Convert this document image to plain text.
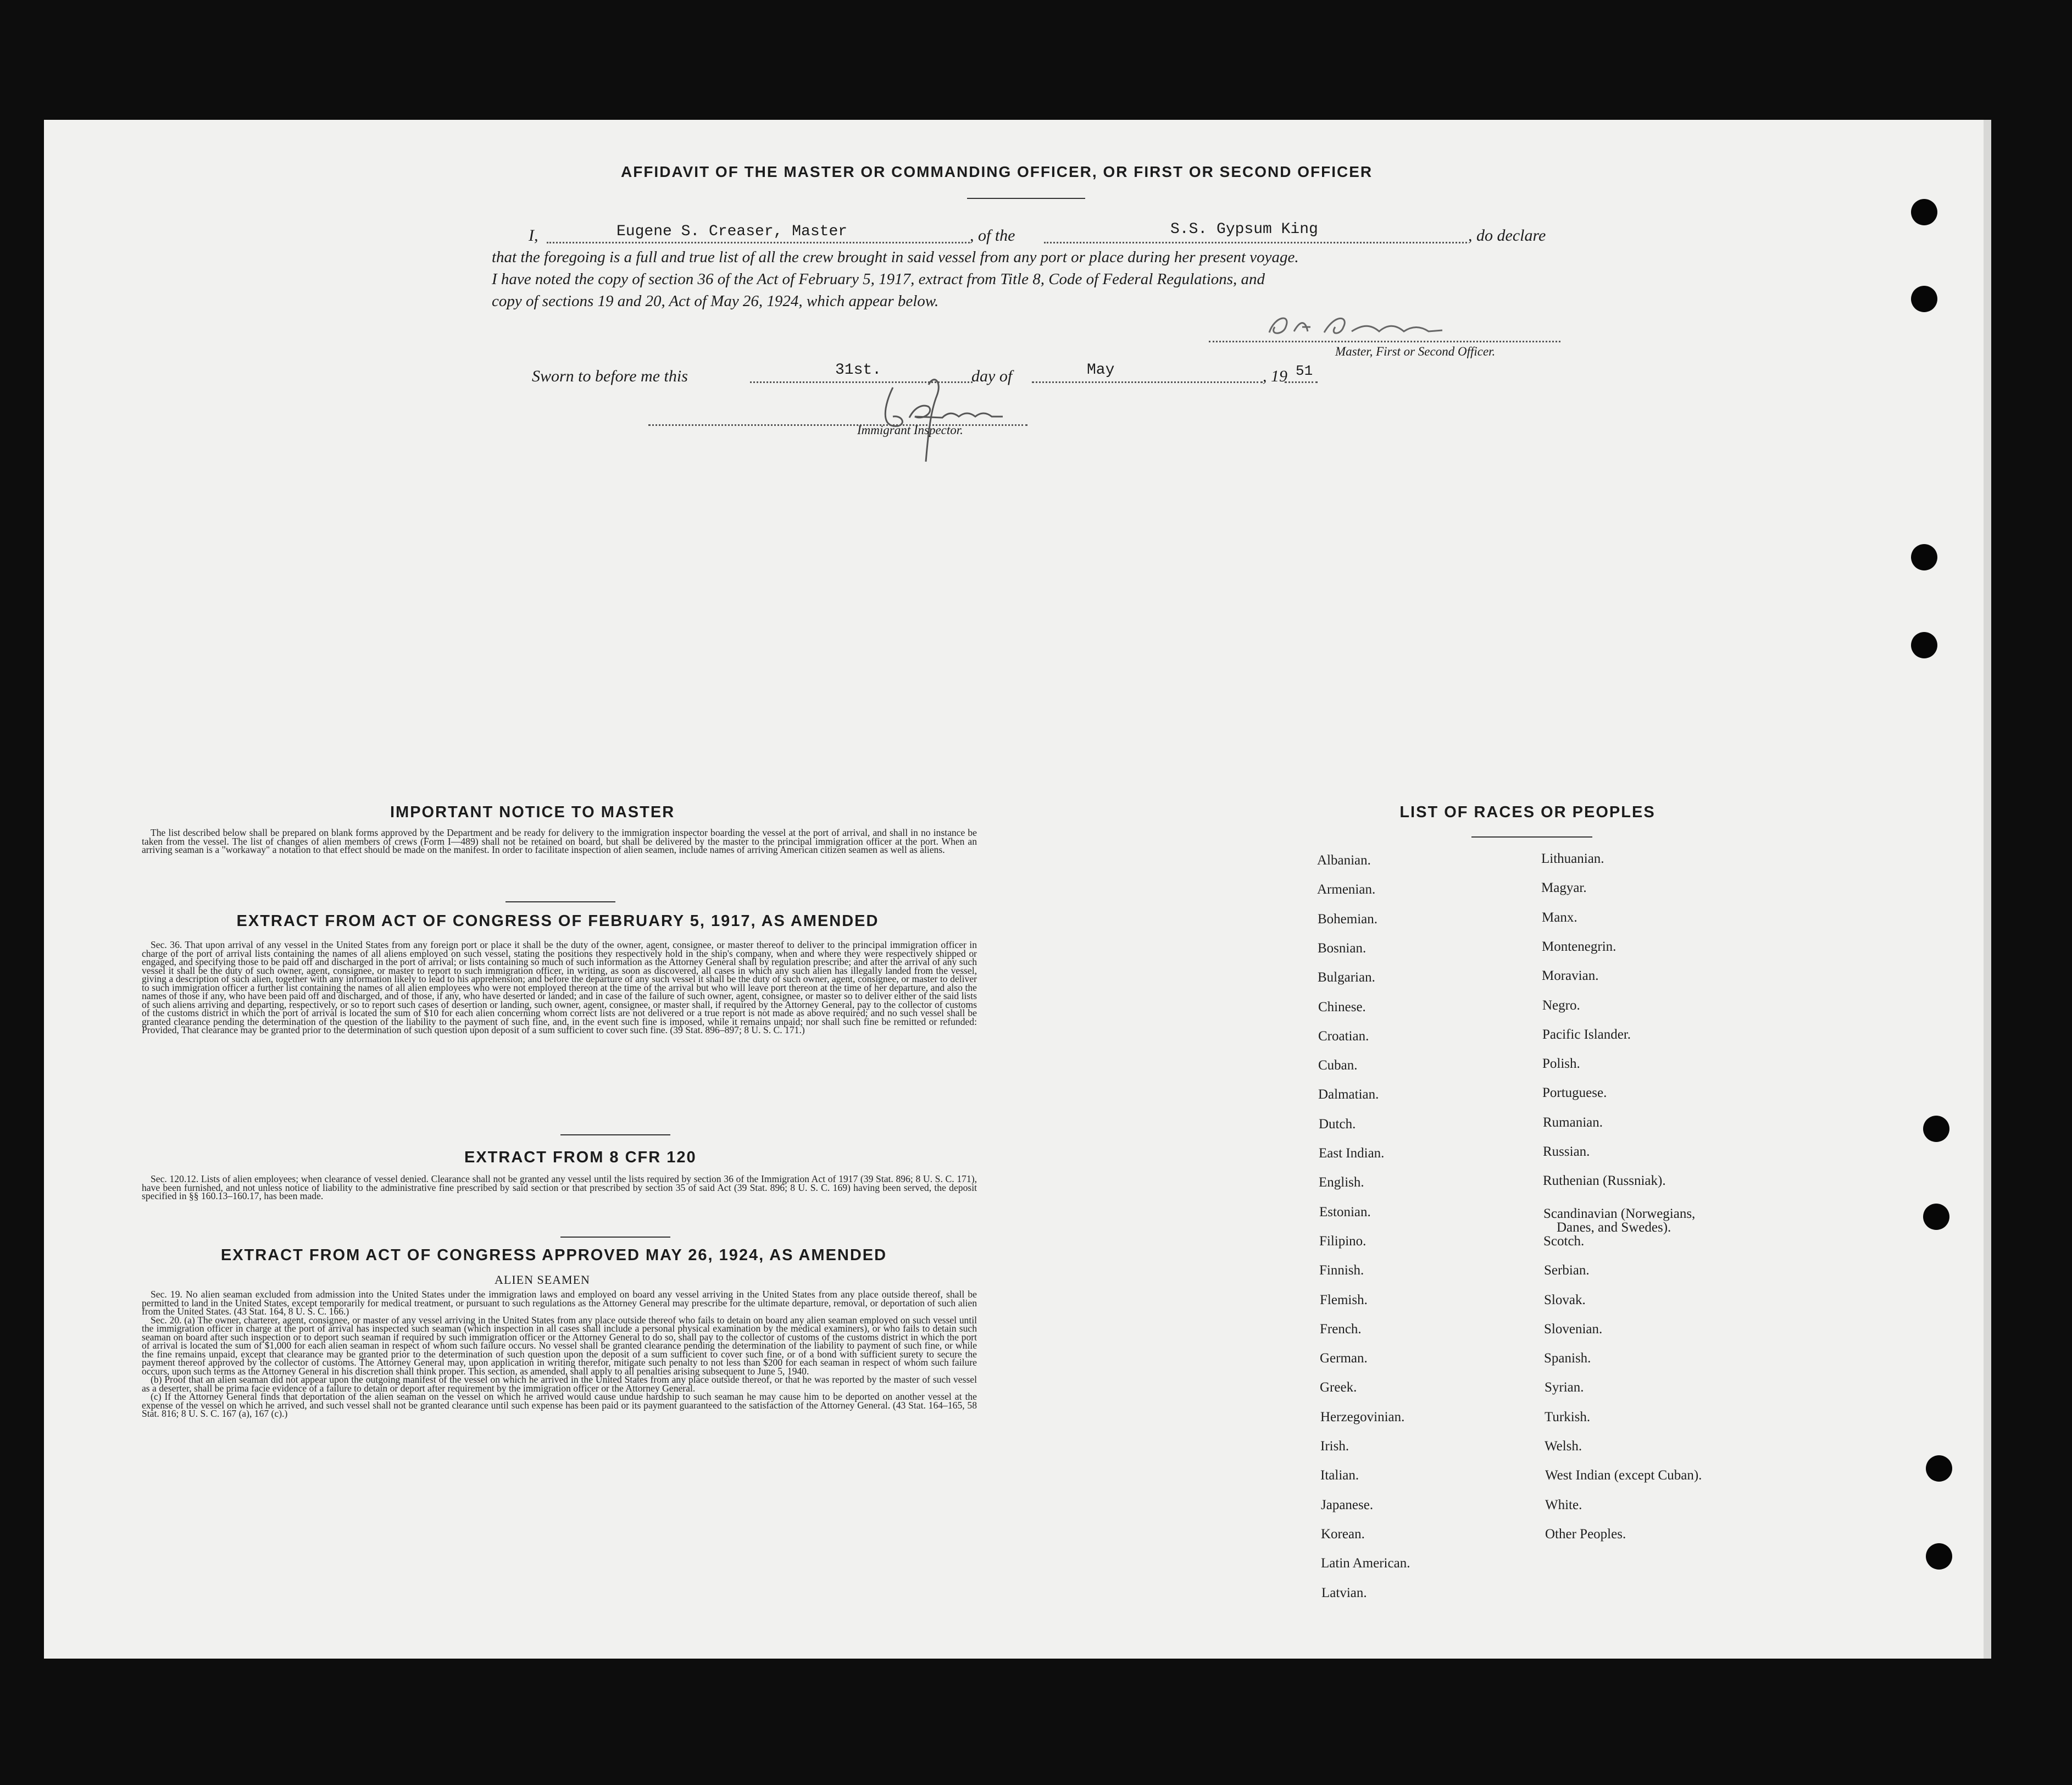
AFFIDAVIT OF THE MASTER OR COMMANDING OFFICER, OR FIRST OR SECOND OFFICER
I,	Eugene S. Creaser, Master	, of the	S.S. Gypsum King	, do declare
that the foregoing is a full and true list of all the crew brought in said vessel from any port or place during her present voyage.
I have noted the copy of section 36 of the Act of February 5, 1917, extract from Title 8, Code of Federal Regulations, and
copy of sections 19 and 20, Act of May 26, 1924, which appear below.
Master, First or Second Officer.
Sworn to before me this	31st.	day of	May	, 19 51
Immigrant Inspector.
IMPORTANT NOTICE TO MASTER

The list described below shall be prepared on blank forms approved by the Department and be ready for delivery to the immigration inspector boarding the vessel at the port of arrival, and shall in no instance be taken from the vessel. The list of changes of alien members of crews (Form I—489) shall not be retained on board, but shall be delivered by the master to the principal immigration officer at the port. When an arriving seaman is a "workaway" a notation to that effect should be made on the manifest. In order to facilitate inspection of alien seamen, include names of arriving American citizen seamen as well as aliens.

EXTRACT FROM ACT OF CONGRESS OF FEBRUARY 5, 1917, AS AMENDED

Sec. 36. That upon arrival of any vessel in the United States from any foreign port or place it shall be the duty of the owner, agent, consignee, or master thereof to deliver to the principal immigration officer in charge of the port of arrival lists containing the names of all aliens employed on such vessel, stating the positions they respectively hold in the ship's company, when and where they were respectively shipped or engaged, and specifying those to be paid off and discharged in the port of arrival; or lists containing so much of such information as the Attorney General shall by regulation prescribe; and after the arrival of any such vessel it shall be the duty of such owner, agent, consignee, or master to report to such immigration officer, in writing, as soon as discovered, all cases in which any such alien has illegally landed from the vessel, giving a description of such alien, together with any information likely to lead to his apprehension; and before the departure of any such vessel it shall be the duty of such owner, agent, consignee, or master to deliver to such immigration officer a further list containing the names of all alien employees who were not employed thereon at the time of the arrival but who will leave port thereon at the time of her departure, and also the names of those if any, who have been paid off and discharged, and of those, if any, who have deserted or landed; and in case of the failure of such owner, agent, consignee, or master so to deliver either of the said lists of such aliens arriving and departing, respectively, or so to report such cases of desertion or landing, such owner, agent, consignee, or master shall, if required by the Attorney General, pay to the collector of customs of the customs district in which the port of arrival is located the sum of $10 for each alien concerning whom correct lists are not delivered or a true report is not made as above required; and no such vessel shall be granted clearance pending the determination of the question of the liability to the payment of such fine, and, in the event such fine is imposed, while it remains unpaid; nor shall such fine be remitted or refunded: Provided, That clearance may be granted prior to the determination of such question upon deposit of a sum sufficient to cover such fine. (39 Stat. 896–897; 8 U. S. C. 171.)

EXTRACT FROM 8 CFR 120

Sec. 120.12. Lists of alien employees; when clearance of vessel denied. Clearance shall not be granted any vessel until the lists required by section 36 of the Immigration Act of 1917 (39 Stat. 896; 8 U. S. C. 171), have been furnished, and not unless notice of liability to the administrative fine prescribed by said section or that prescribed by section 35 of said Act (39 Stat. 896; 8 U. S. C. 169) having been served, the deposit specified in §§ 160.13–160.17, has been made.

EXTRACT FROM ACT OF CONGRESS APPROVED MAY 26, 1924, AS AMENDED
ALIEN SEAMEN

Sec. 19. No alien seaman excluded from admission into the United States under the immigration laws and employed on board any vessel arriving in the United States from any place outside thereof, shall be permitted to land in the United States, except temporarily for medical treatment, or pursuant to such regulations as the Attorney General may prescribe for the ultimate departure, removal, or deportation of such alien from the United States. (43 Stat. 164, 8 U. S. C. 166.)

Sec. 20. (a) The owner, charterer, agent, consignee, or master of any vessel arriving in the United States from any place outside thereof who fails to detain on board any alien seaman employed on such vessel until the immigration officer in charge at the port of arrival has inspected such seaman (which inspection in all cases shall include a personal physical examination by the medical examiners), or who fails to detain such seaman on board after such inspection or to deport such seaman if required by such immigration officer or the Attorney General to do so, shall pay to the collector of customs of the customs district in which the port of arrival is located the sum of $1,000 for each alien seaman in respect of whom such failure occurs. No vessel shall be granted clearance pending the determination of the liability to payment of such fine, or while the fine remains unpaid, except that clearance may be granted prior to the determination of such question upon the deposit of a sum sufficient to cover such fine, or of a bond with sufficient surety to secure the payment thereof approved by the collector of customs. The Attorney General may, upon application in writing therefor, mitigate such penalty to not less than $200 for each seaman in respect of whom such failure occurs, upon such terms as the Attorney General in his discretion shall think proper. This section, as amended, shall apply to all penalties arising subsequent to June 5, 1940.

(b) Proof that an alien seaman did not appear upon the outgoing manifest of the vessel on which he arrived in the United States from any place outside thereof, or that he was reported by the master of such vessel as a deserter, shall be prima facie evidence of a failure to detain or deport after requirement by the immigration officer or the Attorney General.

(c) If the Attorney General finds that deportation of the alien seaman on the vessel on which he arrived would cause undue hardship to such seaman he may cause him to be deported on another vessel at the expense of the vessel on which he arrived, and such vessel shall not be granted clearance until such expense has been paid or its payment guaranteed to the satisfaction of the Attorney General. (43 Stat. 164–165, 58 Stat. 816; 8 U. S. C. 167 (a), 167 (c).)

LIST OF RACES OR PEOPLES
Albanian.
Armenian.
Bohemian.
Bosnian.
Bulgarian.
Chinese.
Croatian.
Cuban.
Dalmatian.
Dutch.
East Indian.
English.
Estonian.
Filipino.
Finnish.
Flemish.
French.
German.
Greek.
Herzegovinian.
Irish.
Italian.
Japanese.
Korean.
Latin American.
Latvian.
Lithuanian.
Magyar.
Manx.
Montenegrin.
Moravian.
Negro.
Pacific Islander.
Polish.
Portuguese.
Rumanian.
Russian.
Ruthenian (Russniak).
Scandinavian (Norwegians,
Danes, and Swedes).
Scotch.
Serbian.
Slovak.
Slovenian.
Spanish.
Syrian.
Turkish.
Welsh.
West Indian (except Cuban).
White.
Other Peoples.
